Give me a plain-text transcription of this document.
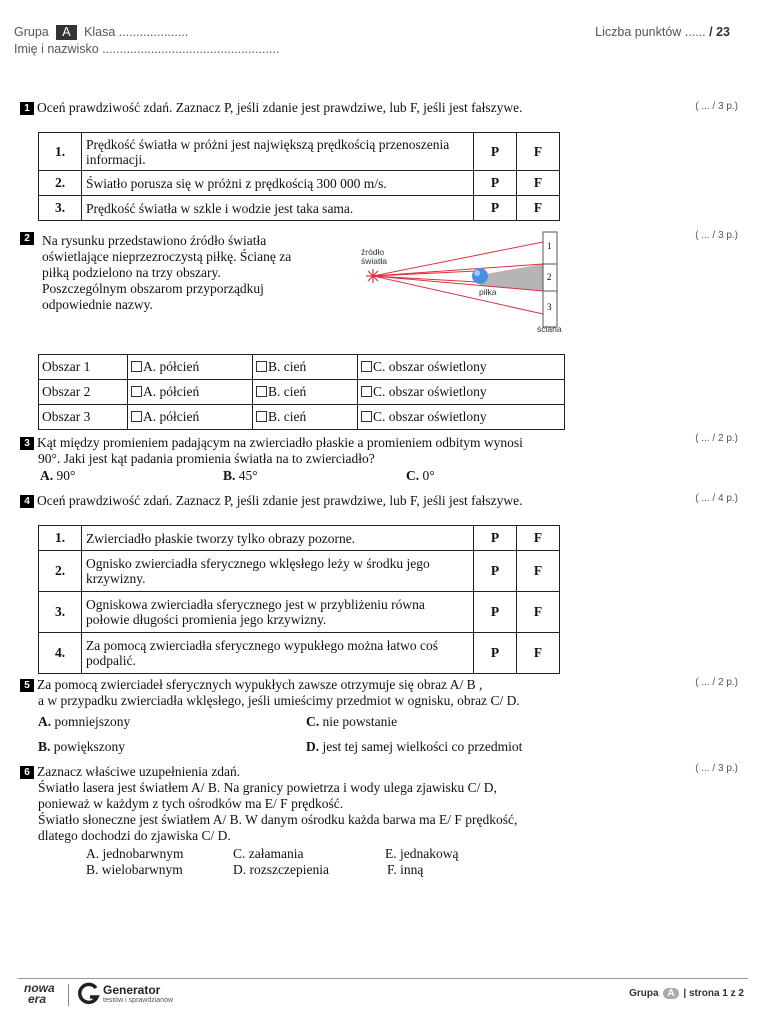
Grupa A Klasa ....................
Imię i nazwisko ...................................................
Liczba punktów ...... / 23
1 Oceń prawdziwość zdań. Zaznacz P, jeśli zdanie jest prawdziwe, lub F, jeśli jest fałszywe.	( ... / 3 p.)
1.	Prędkość światła w próżni jest największą prędkością przenoszenia informacji.	P	F
2.	Światło porusza się w próżni z prędkością 300 000 m/s.	P	F
3.	Prędkość światła w szkle i wodzie jest taka sama.	P	F
2 Na rysunku przedstawiono źródło światła
oświetlające nieprzezroczystą piłkę. Ścianę za
piłką podzielono na trzy obszary.
Poszczególnym obszarom przyporządkuj
odpowiednie nazwy.
( ... / 3 p.)
1
2
3
źródło
światła
piłka
ściana
Obszar 1	A. półcień	B. cień	C. obszar oświetlony
Obszar 2	A. półcień	B. cień	C. obszar oświetlony
Obszar 3	A. półcień	B. cień	C. obszar oświetlony
3 Kąt między promieniem padającym na zwierciadło płaskie a promieniem odbitym wynosi
90°. Jaki jest kąt padania promienia światła na to zwierciadło?
( ... / 2 p.)
A. 90°	B. 45°	C. 0°
4 Oceń prawdziwość zdań. Zaznacz P, jeśli zdanie jest prawdziwe, lub F, jeśli jest fałszywe.	( ... / 4 p.)
1.	Zwierciadło płaskie tworzy tylko obrazy pozorne.	P	F
2.	Ognisko zwierciadła sferycznego wklęsłego leży w środku jego krzywizny.	P	F
3.	Ogniskowa zwierciadła sferycznego jest w przybliżeniu równa połowie długości promienia jego krzywizny.	P	F
4.	Za pomocą zwierciadła sferycznego wypukłego można łatwo coś podpalić.	P	F
5 Za pomocą zwierciadeł sferycznych wypukłych zawsze otrzymuje się obraz A/ B ,
a w przypadku zwierciadła wklęsłego, jeśli umieścimy przedmiot w ognisku, obraz C/ D.
( ... / 2 p.)
A. pomniejszony	C. nie powstanie
B. powiększony	D. jest tej samej wielkości co przedmiot
6 Zaznacz właściwe uzupełnienia zdań.
Światło lasera jest światłem A/ B. Na granicy powietrza i wody ulega zjawisku C/ D,
ponieważ w każdym z tych ośrodków ma E/ F prędkość.
Światło słoneczne jest światłem A/ B. W danym ośrodku każda barwa ma E/ F prędkość,
dlatego dochodzi do zjawiska C/ D.
( ... / 3 p.)
A. jednobarwnym
B. wielobarwnym
C. załamania
D. rozszczepienia
E. jednakową
F. inną
nowa
era
Generator
testów i sprawdzianów
Grupa A | strona 1 z 2
